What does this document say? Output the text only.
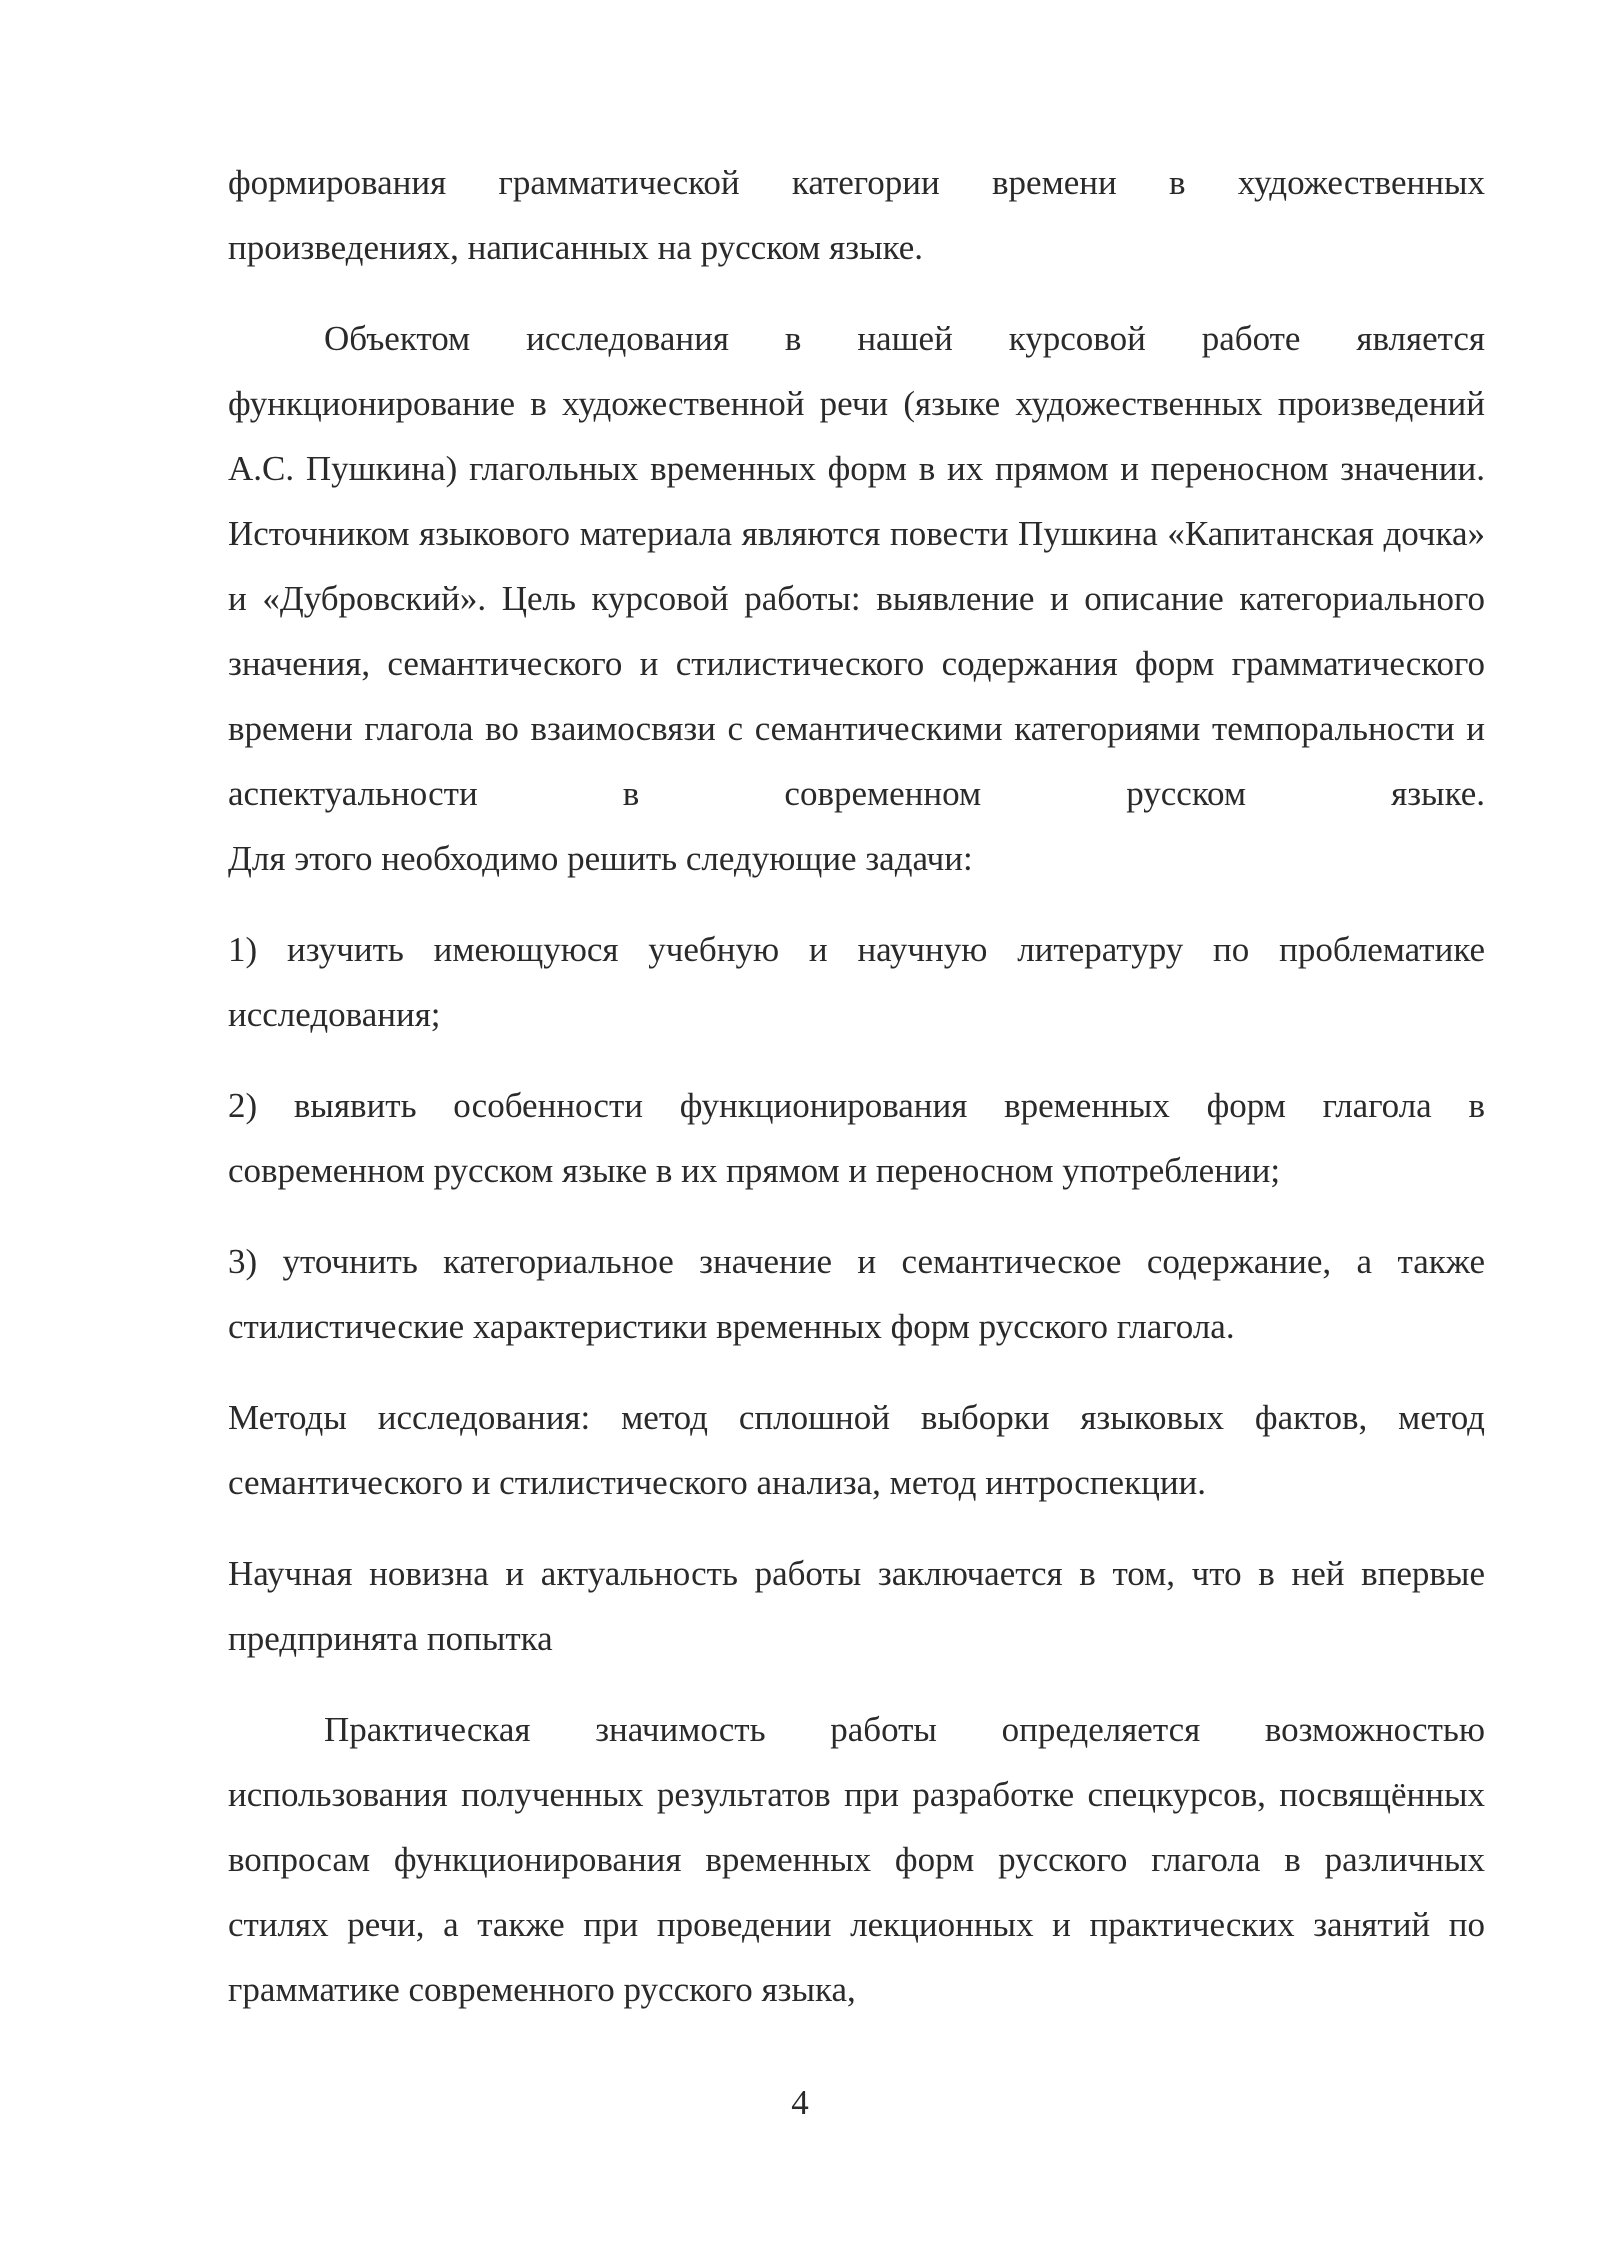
формирования грамматической категории времени в художественных произведениях, написанных на русском языке.

Объектом исследования в нашей курсовой работе является функционирование в художественной речи (языке художественных произведений А.С. Пушкина) глагольных временных форм в их прямом и переносном значении. Источником языкового материала являются повести Пушкина «Капитанская дочка» и «Дубровский». Цель курсовой работы: выявление и описание категориального значения, семантического и стилистического содержания форм грамматического времени глагола во взаимосвязи с семантическими категориями темпоральности и аспектуальности в современном русском языке.

Для этого необходимо решить следующие задачи:

1) изучить имеющуюся учебную и научную литературу по проблематике исследования;

2) выявить особенности функционирования временных форм глагола в современном русском языке в их прямом и переносном употреблении;

3) уточнить категориальное значение и семантическое содержание, а также стилистические характеристики временных форм русского глагола.

Методы исследования: метод сплошной выборки языковых фактов, метод семантического и стилистического анализа, метод интроспекции.

Научная новизна и актуальность работы заключается в том, что в ней впервые предпринята попытка

Практическая значимость работы определяется возможностью использования полученных результатов при разработке спецкурсов, посвящённых вопросам функционирования временных форм русского глагола в различных стилях речи, а также при проведении лекционных и практических занятий по грамматике современного русского языка,

4
